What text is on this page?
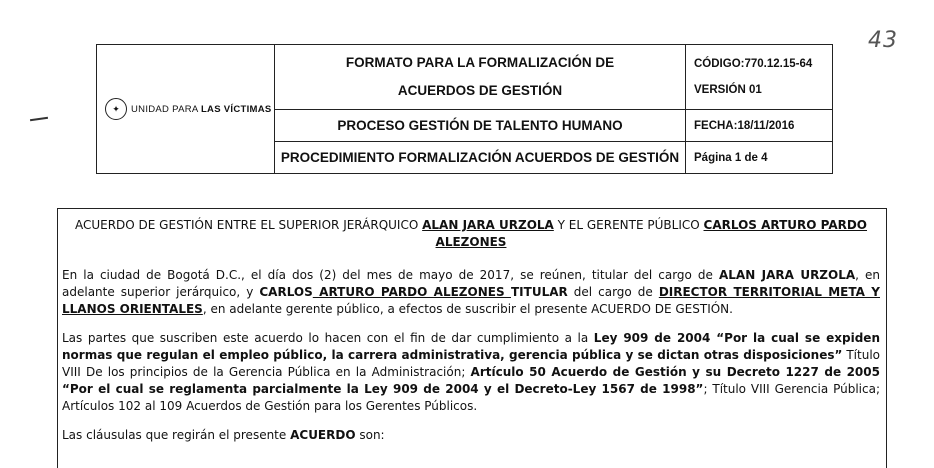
43
✦ UNIDAD PARA LAS VÍCTIMAS	FORMATO PARA LA FORMALIZACIÓN DE
ACUERDOS DE GESTIÓN	CÓDIGO:770.12.15-64
VERSIÓN 01

	PROCESO GESTIÓN DE TALENTO HUMANO	FECHA:18/11/2016
	PROCEDIMIENTO FORMALIZACIÓN ACUERDOS DE GESTIÓN	Página 1 de 4

ACUERDO DE GESTIÓN ENTRE EL SUPERIOR JERÁRQUICO ALAN JARA URZOLA Y EL GERENTE PÚBLICO CARLOS ARTURO PARDO
ALEZONES

En la ciudad de Bogotá D.C., el día dos (2) del mes de mayo de 2017, se reúnen, titular del cargo de ALAN JARA URZOLA, en adelante superior jerárquico, y CARLOS ARTURO PARDO ALEZONES TITULAR del cargo de DIRECTOR TERRITORIAL META Y LLANOS ORIENTALES, en adelante gerente público, a efectos de suscribir el presente ACUERDO DE GESTIÓN.

Las partes que suscriben este acuerdo lo hacen con el fin de dar cumplimiento a la Ley 909 de 2004 “Por la cual se expiden normas que regulan el empleo público, la carrera administrativa, gerencia pública y se dictan otras disposiciones” Título VIII De los principios de la Gerencia Pública en la Administración; Artículo 50 Acuerdo de Gestión y su Decreto 1227 de 2005 “Por el cual se reglamenta parcialmente la Ley 909 de 2004 y el Decreto-Ley 1567 de 1998”; Título VIII Gerencia Pública; Artículos 102 al 109 Acuerdos de Gestión para los Gerentes Públicos.

Las cláusulas que regirán el presente ACUERDO son:
